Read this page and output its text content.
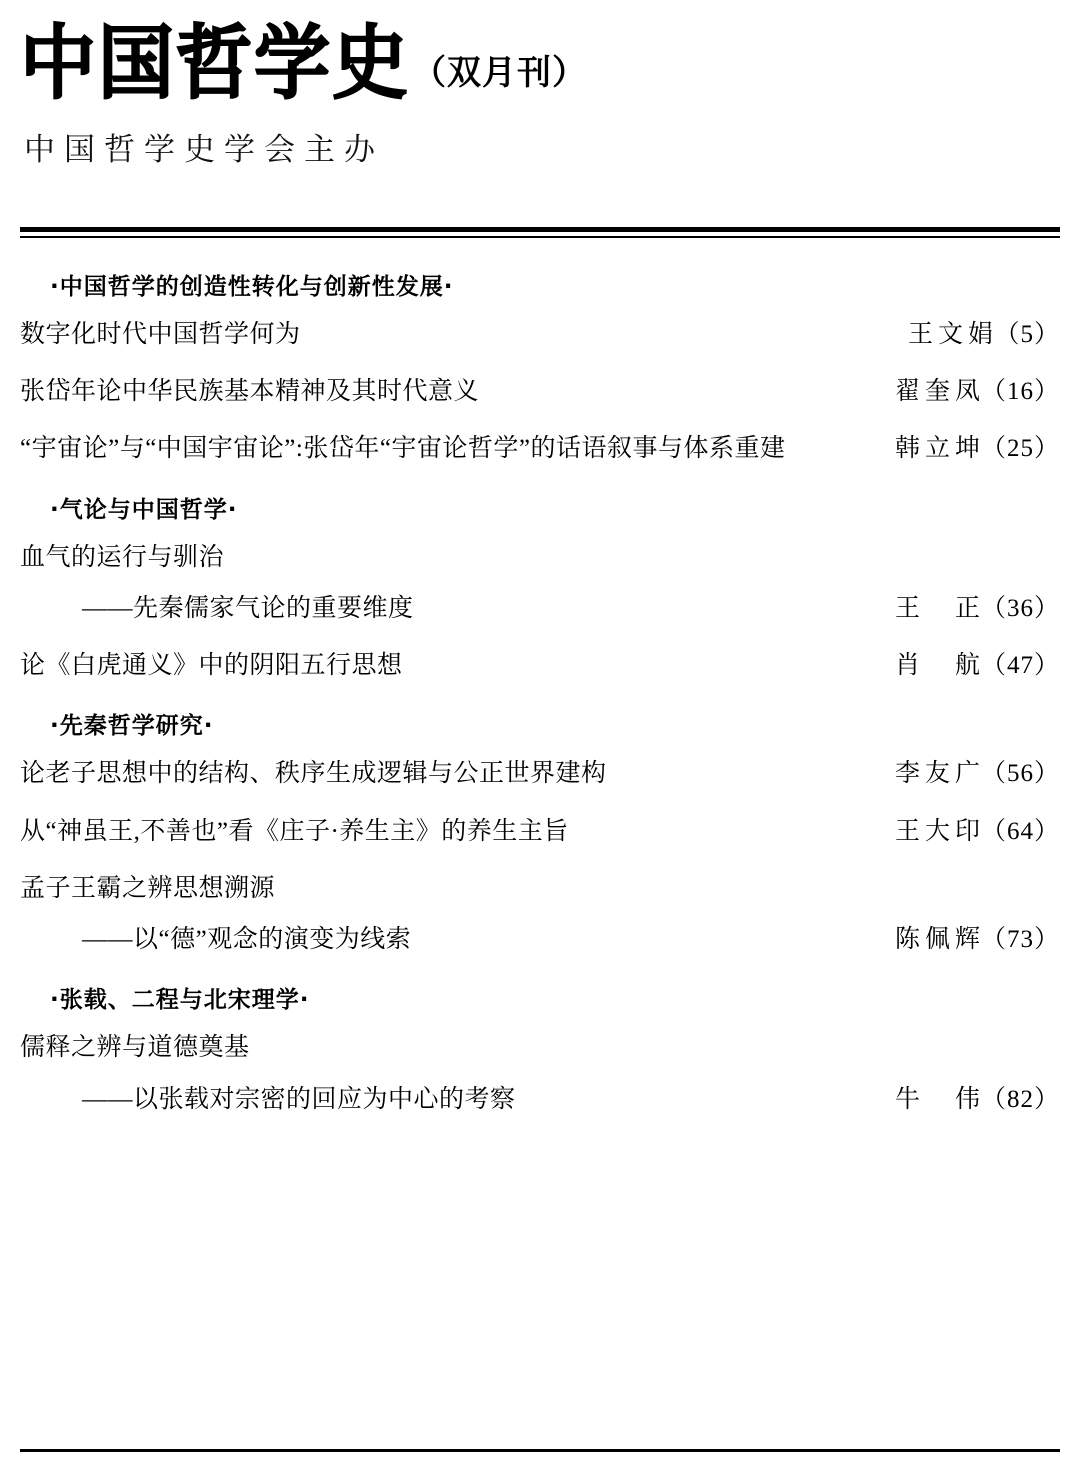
中国哲学史 （双月刊）
中国哲学史学会主办
·中国哲学的创造性转化与创新性发展·
数字化时代中国哲学何为	王文娟（5）
张岱年论中华民族基本精神及其时代意义	翟奎凤（16）
“宇宙论”与“中国宇宙论”:张岱年“宇宙论哲学”的话语叙事与体系重建	韩立坤（25）
·气论与中国哲学·
血气的运行与驯治
——先秦儒家气论的重要维度	王　正（36）
论《白虎通义》中的阴阳五行思想	肖　航（47）
·先秦哲学研究·
论老子思想中的结构、秩序生成逻辑与公正世界建构	李友广（56）
从“神虽王,不善也”看《庄子·养生主》的养生主旨	王大印（64）
孟子王霸之辨思想溯源
——以“德”观念的演变为线索	陈佩辉（73）
·张载、二程与北宋理学·
儒释之辨与道德奠基
——以张载对宗密的回应为中心的考察	牛　伟（82）
